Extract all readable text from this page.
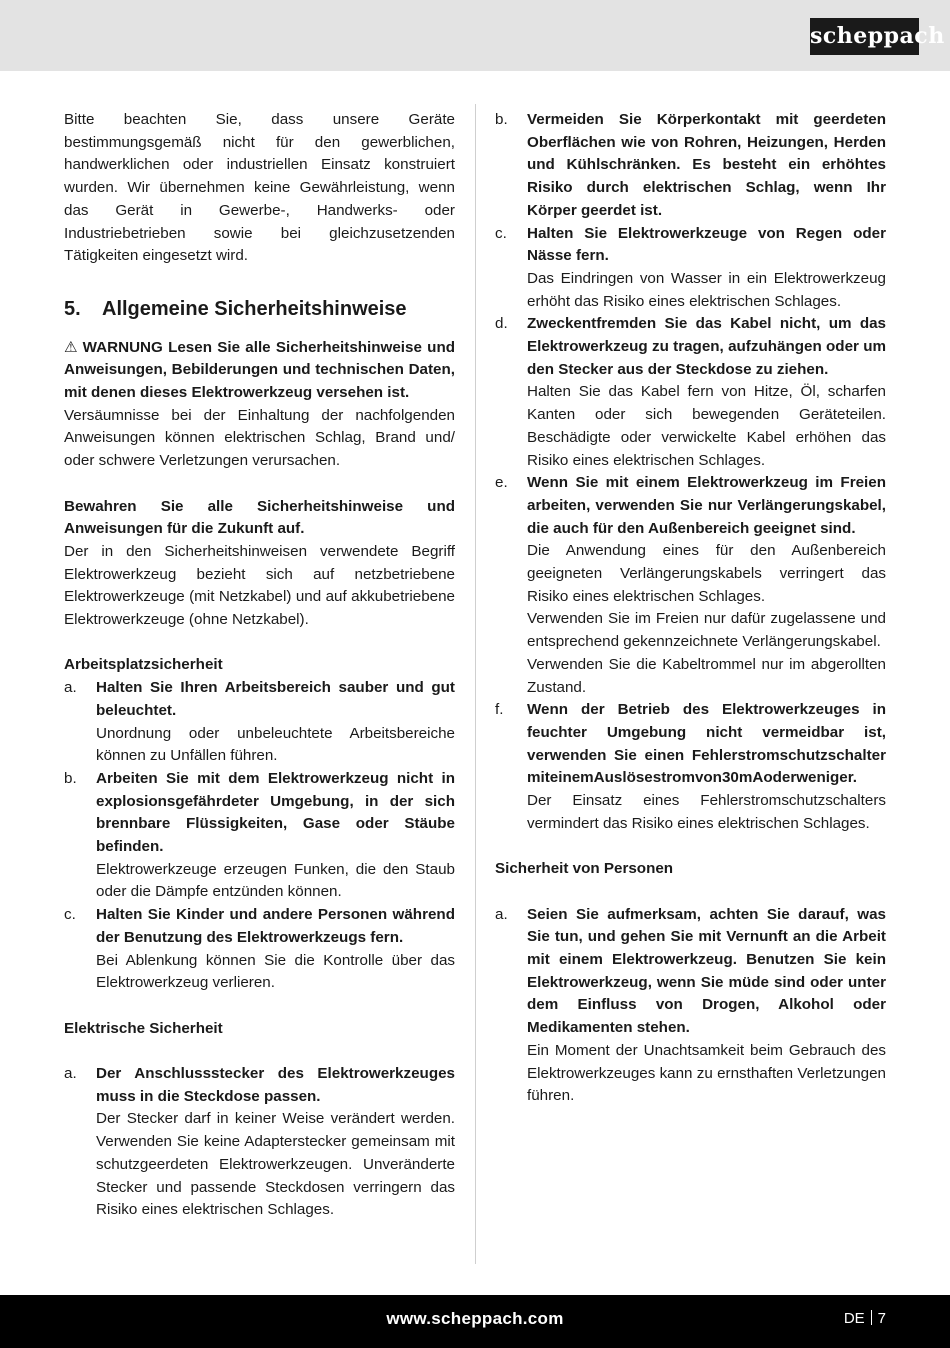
scheppach

Bitte beachten Sie, dass unsere Geräte bestimmungsgemäß nicht für den gewerblichen, handwerklichen oder industriellen Einsatz konstruiert wurden. Wir übernehmen keine Gewährleistung, wenn das Gerät in Gewerbe-, Handwerks- oder Industriebetrieben sowie bei gleichzusetzenden Tätigkeiten eingesetzt wird.

5.	Allgemeine Sicherheitshinweise

⚠ WARNUNG Lesen Sie alle Sicherheitshinweise und Anweisungen, Bebilderungen und technischen Daten, mit denen dieses Elektrowerkzeug versehen ist.

Versäumnisse bei der Einhaltung der nachfolgenden Anweisungen können elektrischen Schlag, Brand und/ oder schwere Verletzungen verursachen.

Bewahren Sie alle Sicherheitshinweise und Anweisungen für die Zukunft auf.

Der in den Sicherheitshinweisen verwendete Begriff Elektrowerkzeug bezieht sich auf netzbetriebene Elektrowerkzeuge (mit Netzkabel) und auf akkubetriebene Elektrowerkzeuge (ohne Netzkabel).

Arbeitsplatzsicherheit

a.	Halten Sie Ihren Arbeitsbereich sauber und gut beleuchtet.

Unordnung oder unbeleuchtete Arbeitsbereiche können zu Unfällen führen.

b.	Arbeiten Sie mit dem Elektrowerkzeug nicht in explosionsgefährdeter Umgebung, in der sich brennbare Flüssigkeiten, Gase oder Stäube befinden.

Elektrowerkzeuge erzeugen Funken, die den Staub oder die Dämpfe entzünden können.

c.	Halten Sie Kinder und andere Personen während der Benutzung des Elektrowerkzeugs fern.

Bei Ablenkung können Sie die Kontrolle über das Elektrowerkzeug verlieren.

Elektrische Sicherheit

a.	Der Anschlussstecker des Elektrowerkzeuges muss in die Steckdose passen.

Der Stecker darf in keiner Weise verändert werden. Verwenden Sie keine Adapterstecker gemeinsam mit schutzgeerdeten Elektrowerkzeugen. Unveränderte Stecker und passende Steckdosen verringern das Risiko eines elektrischen Schlages.

b.	Vermeiden Sie Körperkontakt mit geerdeten Oberflächen wie von Rohren, Heizungen, Herden und Kühlschränken. Es besteht ein erhöhtes Risiko durch elektrischen Schlag, wenn Ihr Körper geerdet ist.

c.	Halten Sie Elektrowerkzeuge von Regen oder Nässe fern.

Das Eindringen von Wasser in ein Elektrowerkzeug erhöht das Risiko eines elektrischen Schlages.

d.	Zweckentfremden Sie das Kabel nicht, um das Elektrowerkzeug zu tragen, aufzuhängen oder um den Stecker aus der Steckdose zu ziehen.

Halten Sie das Kabel fern von Hitze, Öl, scharfen Kanten oder sich bewegenden Geräteteilen. Beschädigte oder verwickelte Kabel erhöhen das Risiko eines elektrischen Schlages.

e.	Wenn Sie mit einem Elektrowerkzeug im Freien arbeiten, verwenden Sie nur Verlängerungskabel, die auch für den Außenbereich geeignet sind.

Die Anwendung eines für den Außenbereich geeigneten Verlängerungskabels verringert das Risiko eines elektrischen Schlages.

Verwenden Sie im Freien nur dafür zugelassene und entsprechend gekennzeichnete Verlängerungskabel.

Verwenden Sie die Kabeltrommel nur im abgerollten Zustand.

f.	Wenn der Betrieb des Elektrowerkzeuges in feuchter Umgebung nicht vermeidbar ist, verwenden Sie einen Fehlerstromschutzschalter miteinemAuslösestromvon30mAoderweniger.

Der Einsatz eines Fehlerstromschutzschalters vermindert das Risiko eines elektrischen Schlages.

Sicherheit von Personen

a.	Seien Sie aufmerksam, achten Sie darauf, was Sie tun, und gehen Sie mit Vernunft an die Arbeit mit einem Elektrowerkzeug. Benutzen Sie kein Elektrowerkzeug, wenn Sie müde sind oder unter dem Einfluss von Drogen, Alkohol oder Medikamenten stehen.

Ein Moment der Unachtsamkeit beim Gebrauch des Elektrowerkzeuges kann zu ernsthaften Verletzungen führen.

www.scheppach.com	DE 7
